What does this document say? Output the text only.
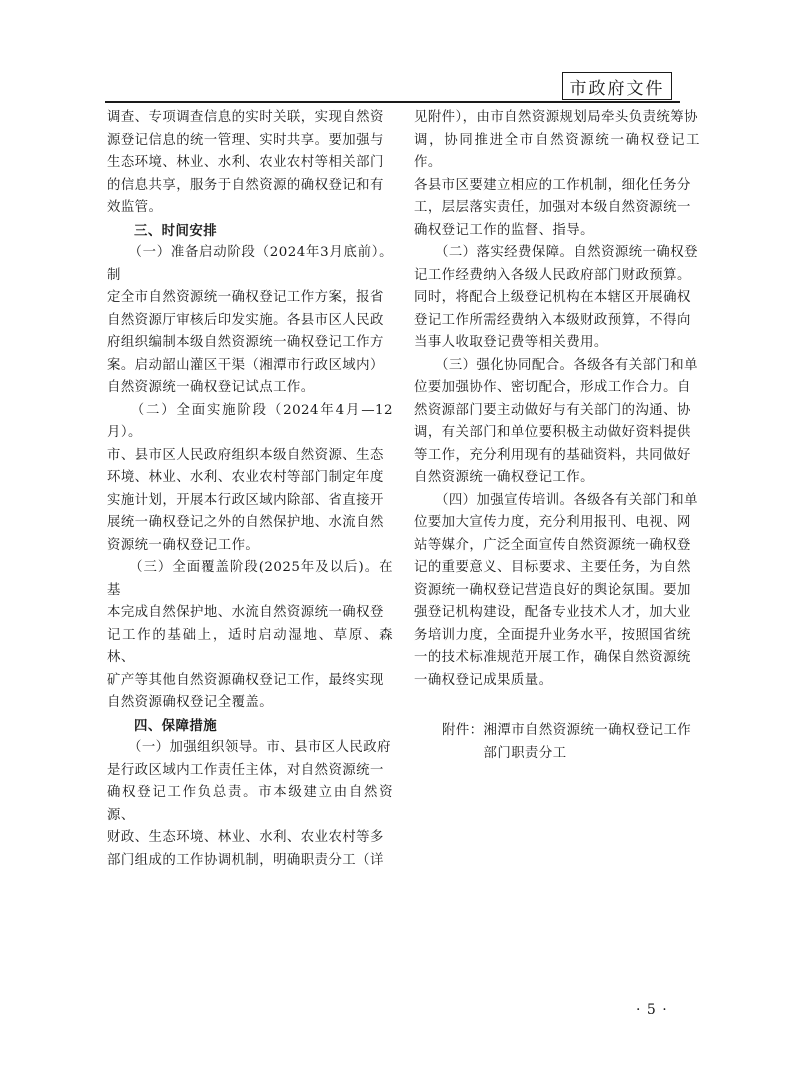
市政府文件

调查、专项调查信息的实时关联，实现自然资
源登记信息的统一管理、实时共享。要加强与
生态环境、林业、水利、农业农村等相关部门
的信息共享，服务于自然资源的确权登记和有
效监管。

三、时间安排

　　（一）准备启动阶段（2024年3月底前）。制
定全市自然资源统一确权登记工作方案，报省
自然资源厅审核后印发实施。各县市区人民政
府组织编制本级自然资源统一确权登记工作方
案。启动韶山灌区干渠（湘潭市行政区域内）
自然资源统一确权登记试点工作。

　　（二）全面实施阶段（2024年4月—12月）。
市、县市区人民政府组织本级自然资源、生态
环境、林业、水利、农业农村等部门制定年度
实施计划，开展本行政区域内除部、省直接开
展统一确权登记之外的自然保护地、水流自然
资源统一确权登记工作。

　　（三）全面覆盖阶段(2025年及以后)。在基
本完成自然保护地、水流自然资源统一确权登
记工作的基础上，适时启动湿地、草原、森林、
矿产等其他自然资源确权登记工作，最终实现
自然资源确权登记全覆盖。

四、保障措施

　　（一）加强组织领导。市、县市区人民政府
是行政区域内工作责任主体，对自然资源统一
确权登记工作负总责。市本级建立由自然资源、
财政、生态环境、林业、水利、农业农村等多
部门组成的工作协调机制，明确职责分工（详

见附件），由市自然资源规划局牵头负责统筹协
调，协同推进全市自然资源统一确权登记工作。
各县市区要建立相应的工作机制，细化任务分
工，层层落实责任，加强对本级自然资源统一
确权登记工作的监督、指导。

　　（二）落实经费保障。自然资源统一确权登
记工作经费纳入各级人民政府部门财政预算。
同时，将配合上级登记机构在本辖区开展确权
登记工作所需经费纳入本级财政预算，不得向
当事人收取登记费等相关费用。

　　（三）强化协同配合。各级各有关部门和单
位要加强协作、密切配合，形成工作合力。自
然资源部门要主动做好与有关部门的沟通、协
调，有关部门和单位要积极主动做好资料提供
等工作，充分利用现有的基础资料，共同做好
自然资源统一确权登记工作。

　　（四）加强宣传培训。各级各有关部门和单
位要加大宣传力度，充分利用报刊、电视、网
站等媒介，广泛全面宣传自然资源统一确权登
记的重要意义、目标要求、主要任务，为自然
资源统一确权登记营造良好的舆论氛围。要加
强登记机构建设，配备专业技术人才，加大业
务培训力度，全面提升业务水平，按照国省统
一的技术标准规范开展工作，确保自然资源统
一确权登记成果质量。

附件：湘潭市自然资源统一确权登记工作
　　　部门职责分工

· 5 ·
